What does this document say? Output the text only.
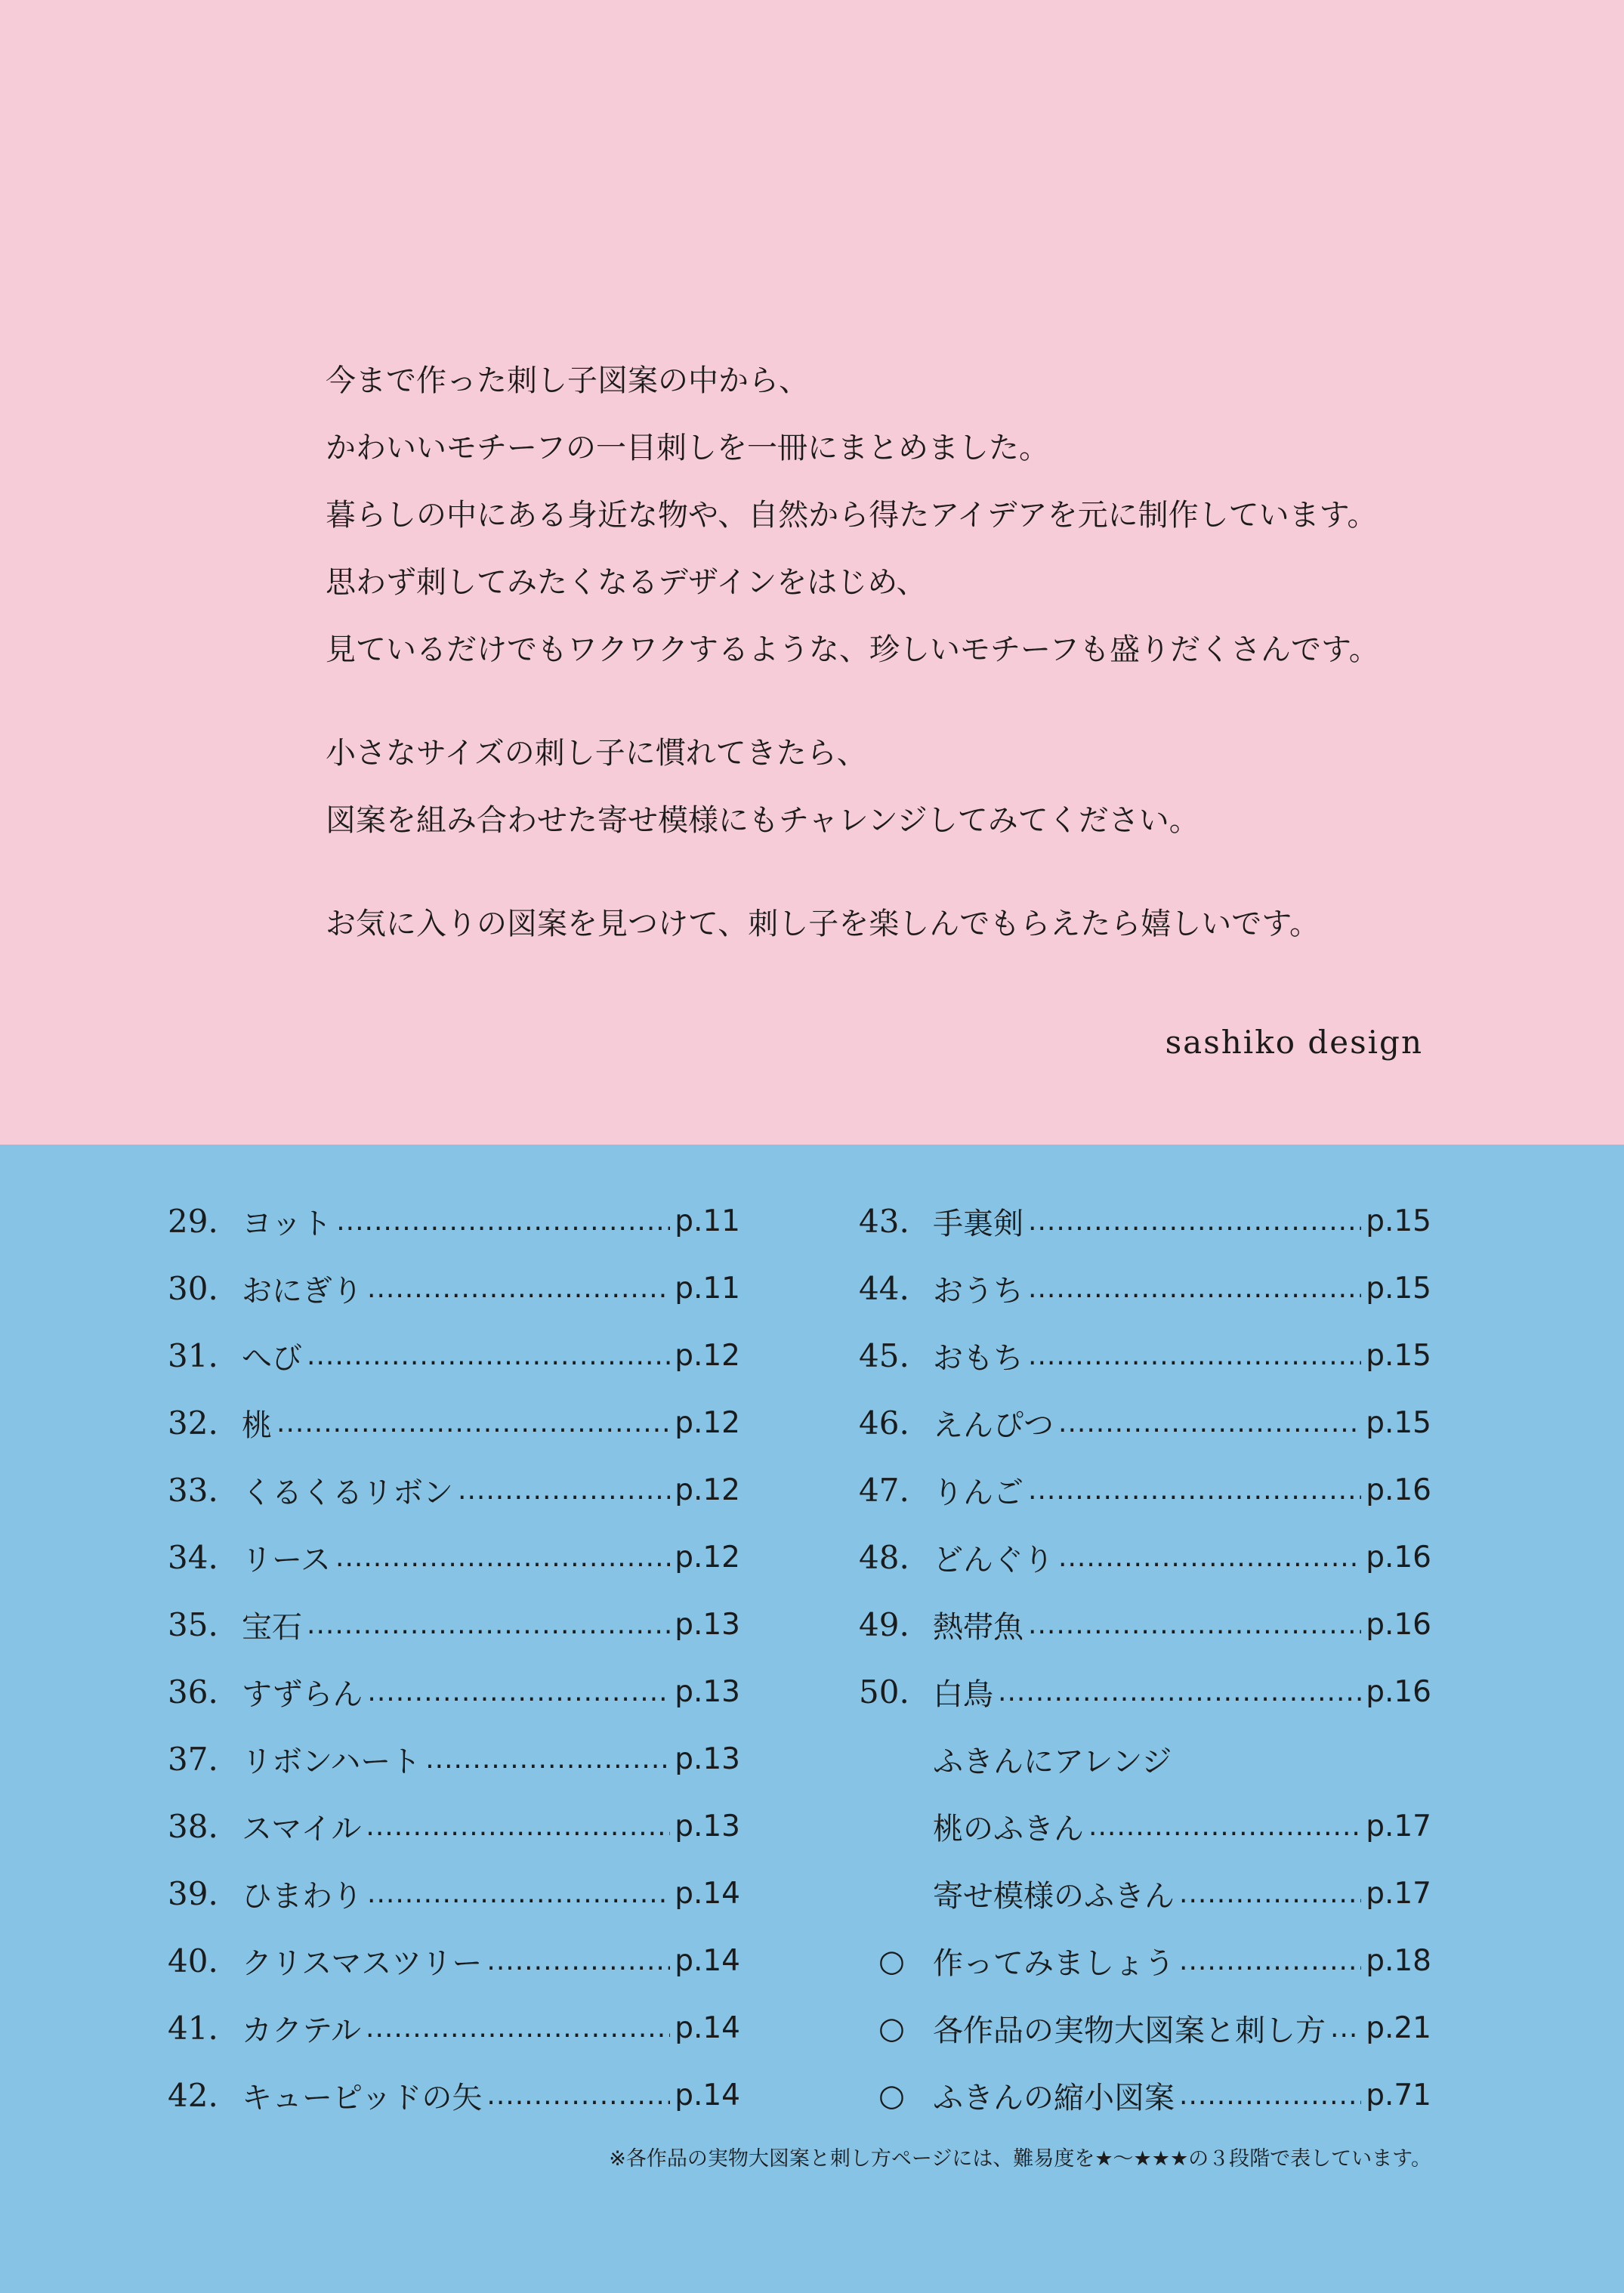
今まで作った刺し子図案の中から、
かわいいモチーフの一目刺しを一冊にまとめました。
暮らしの中にある身近な物や、自然から得たアイデアを元に制作しています。
思わず刺してみたくなるデザインをはじめ、
見ているだけでもワクワクするような、珍しいモチーフも盛りだくさんです。
小さなサイズの刺し子に慣れてきたら、
図案を組み合わせた寄せ模様にもチャレンジしてみてください。
お気に入りの図案を見つけて、刺し子を楽しんでもらえたら嬉しいです。
sashiko design
29. ヨット .....	p.11
30. おにぎり .....	p.11
31. へび .....	p.12
32. 桃 .....	p.12
33. くるくるリボン .....	p.12
34. リース .....	p.12
35. 宝石 .....	p.13
36. すずらん .....	p.13
37. リボンハート .....	p.13
38. スマイル .....	p.13
39. ひまわり .....	p.14
40. クリスマスツリー .....	p.14
41. カクテル .....	p.14
42. キューピッドの矢 .....	p.14
43. 手裏剣 .....	p.15
44. おうち .....	p.15
45. おもち .....	p.15
46. えんぴつ .....	p.15
47. りんご .....	p.16
48. どんぐり .....	p.16
49. 熱帯魚 .....	p.16
50. 白鳥 .....	p.16
ふきんにアレンジ
桃のふきん .....	p.17
寄せ模様のふきん .....	p.17
○ 作ってみましょう .....	p.18
○ 各作品の実物大図案と刺し方 ..... p.21
○ ふきんの縮小図案 .....	p.71
※各作品の実物大図案と刺し方ページには、難易度を★～★★★の３段階で表しています。
